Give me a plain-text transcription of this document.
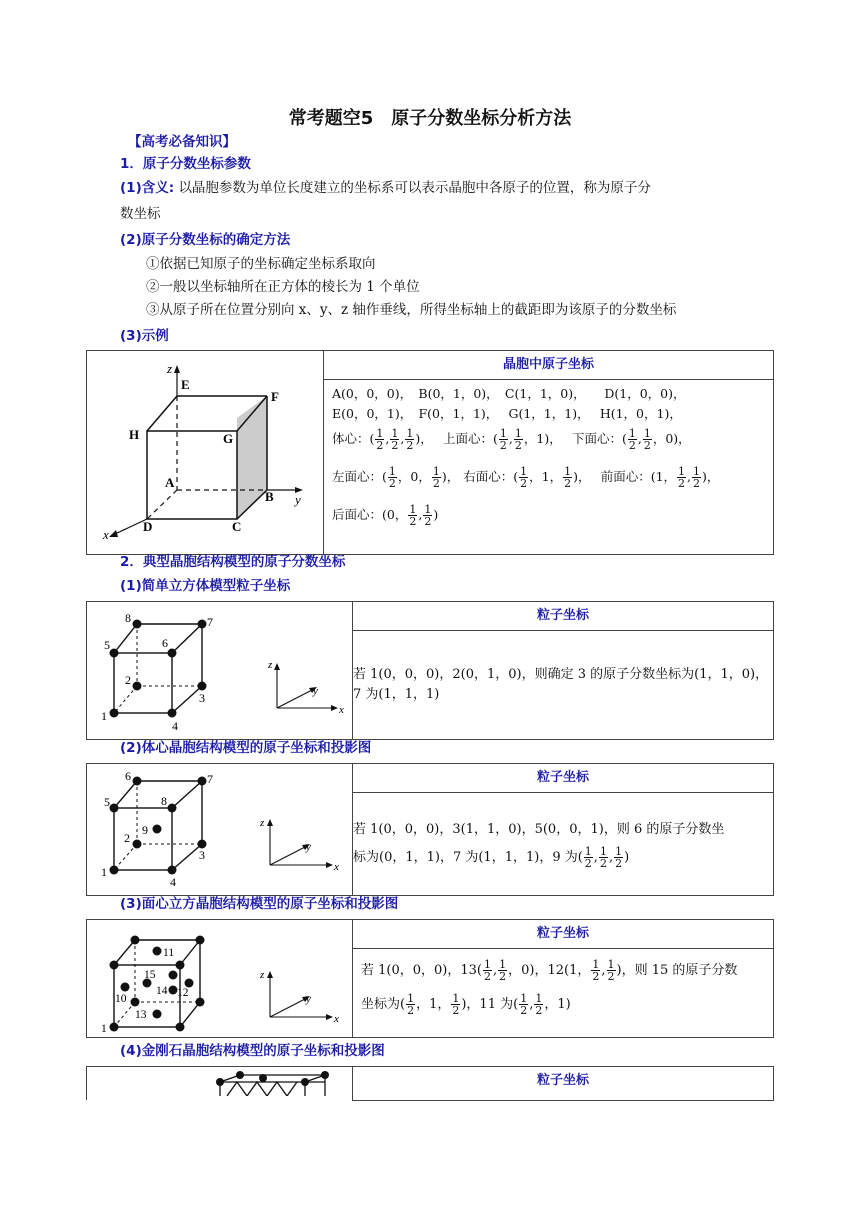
常考题空5　原子分数坐标分析方法
【高考必备知识】
1．原子分数坐标参数
(1)含义: 以晶胞参数为单位长度建立的坐标系可以表示晶胞中各原子的位置，称为原子分
数坐标
(2)原子分数坐标的确定方法
①依据已知原子的坐标确定坐标系取向
②一般以坐标轴所在正方体的棱长为 1 个单位
③从原子所在位置分别向 x、y、z 轴作垂线，所得坐标轴上的截距即为该原子的分数坐标
(3)示例
z
E
F
H	G
A
B y
x
D	C
	晶胞中原子坐标

A(0，0，0)，　B(0，1，0)，　C(1，1，0)，　　D(1，0，0)，
E(0，0，1)，　F(0，1，1)，　 G(1，1，1)，　 H(1，0，1)，
体心：( $\frac{1}{2}$ , $\frac{1}{2}$ , $\frac{1}{2}$ )，　 上面心：( $\frac{1}{2}$ , $\frac{1}{2}$ ，1)，　 下面心：( $\frac{1}{2}$ , $\frac{1}{2}$ ，0)，
左面心：( $\frac{1}{2}$ ，0， $\frac{1}{2}$ )， 右面心：( $\frac{1}{2}$ ，1， $\frac{1}{2}$ )，　 前面心：(1， $\frac{1}{2}$ , $\frac{1}{2}$ )，
后面心：(0， $\frac{1}{2}$ , $\frac{1}{2}$ )
2．典型晶胞结构模型的原子分数坐标
(1)简单立方体模型粒子坐标
8	7
5	6
2
3
1
4
z
y
x
	粒子坐标
若 1(0，0，0)，2(0，1，0)，则确定 3 的原子分数坐标为(1，1，0)，7 为(1，1，1)
(2)体心晶胞结构模型的原子坐标和投影图
6	7
5	8
9
2
3
1
4
z
y
x
	粒子坐标

若 1(0，0，0)，3(1，1，0)，5(0，0，1)，则 6 的原子分数坐
标为(0，1，1)，7 为(1，1，1)，9 为( $\frac{1}{2}$ , $\frac{1}{2}$ , $\frac{1}{2}$ )
(3)面心立方晶胞结构模型的原子坐标和投影图
11
15
14 12
10
13
1
z
y
x
	粒子坐标

若 1(0，0，0)，$13( \frac{1}{2}$ , $\frac{1}{2}$ ，0)，12(1， $\frac{1}{2}$ , $\frac{1}{2}$ )，则 15 的原子分数
坐标为( $\frac{1}{2}$ ，1， $\frac{1}{2}$ )，11 为( $\frac{1}{2}$ , $\frac{1}{2}$ ，1)
(4)金刚石晶胞结构模型的原子坐标和投影图
	粒子坐标
